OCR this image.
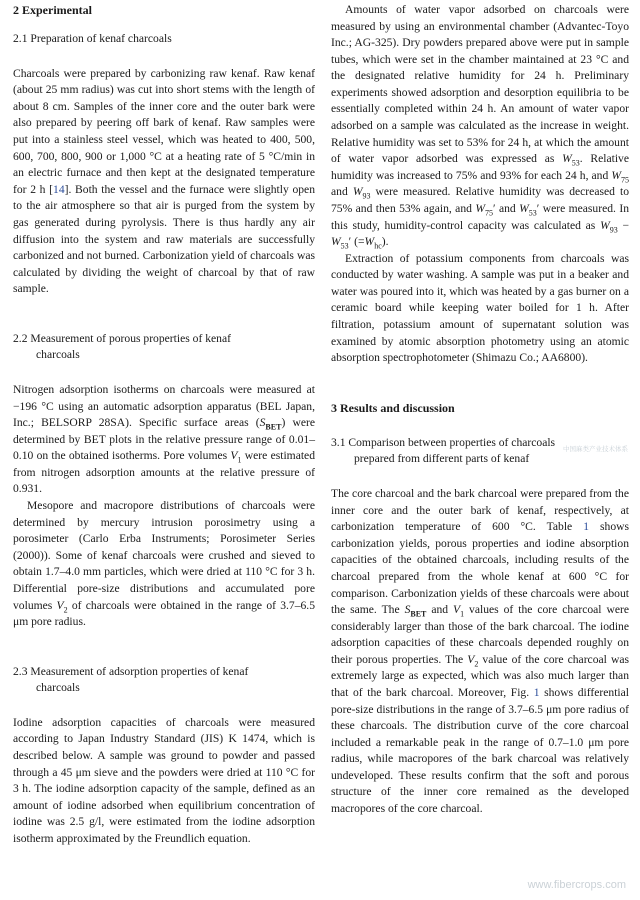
2 Experimental
2.1 Preparation of kenaf charcoals

Charcoals were prepared by carbonizing raw kenaf. Raw kenaf (about 25 mm radius) was cut into short stems with the length of about 8 cm. Samples of the inner core and the outer bark were also prepared by peering off bark of kenaf. Raw samples were put into a stainless steel vessel, which was heated to 400, 500, 600, 700, 800, 900 or 1,000 °C at a heating rate of 5 °C/min in an electric furnace and then kept at the designated temperature for 2 h [14]. Both the vessel and the furnace were slightly open to the air atmosphere so that air is purged from the system by gas generated during pyrolysis. There is thus hardly any air diffusion into the system and raw materials are successfully carbonized and not burned. Carbonization yield of charcoals was calculated by dividing the weight of charcoal by that of raw sample.

2.2 Measurement of porous properties of kenaf
charcoals

Nitrogen adsorption isotherms on charcoals were measured at −196 °C using an automatic adsorption apparatus (BEL Japan, Inc.; BELSORP 28SA). Specific surface areas $(S_{BET})$ were determined by BET plots in the relative pressure range of 0.01–0.10 on the obtained isotherms. Pore volumes $V_1$ were estimated from nitrogen adsorption amounts at the relative pressure of 0.931.

Mesopore and macropore distributions of charcoals were determined by mercury intrusion porosimetry using a porosimeter (Carlo Erba Instruments; Porosimeter Series (2000)). Some of kenaf charcoals were crushed and sieved to obtain 1.7–4.0 mm particles, which were dried at 110 °C for 3 h. Differential pore-size distributions and accumulated pore volumes $V_2$ of charcoals were obtained in the range of 3.7–6.5 μm pore radius.

2.3 Measurement of adsorption properties of kenaf
charcoals

Iodine adsorption capacities of charcoals were measured according to Japan Industry Standard (JIS) K 1474, which is described below. A sample was ground to powder and passed through a 45 μm sieve and the powders were dried at 110 °C for 3 h. The iodine adsorption capacity of the sample, defined as an amount of iodine adsorbed when equilibrium concentration of iodine was 2.5 g/l, were estimated from the iodine adsorption isotherm approximated by the Freundlich equation.

Amounts of water vapor adsorbed on charcoals were measured by using an environmental chamber (Advantec-Toyo Inc.; AG-325). Dry powders prepared above were put in sample tubes, which were set in the chamber maintained at 23 °C and the designated relative humidity for 24 h. Preliminary experiments showed adsorption and desorption equilibria to be essentially completed within 24 h. An amount of water vapor adsorbed on a sample was calculated as the increase in weight. Relative humidity was set to 53% for 24 h, at which the amount of water vapor adsorbed was expressed as $W_{53}$. Relative humidity was increased to 75% and 93% for each 24 h, and $W_{75}$ and $W_{93}$ were measured. Relative humidity was decreased to 75% and then 53% again, and $W_{75}'$ and $W_{53}'$ were measured. In this study, humidity-control capacity was calculated as $W_{93} - W_{53}'$ $(=W_{hc})$.

Extraction of potassium components from charcoals was conducted by water washing. A sample was put in a beaker and water was poured into it, which was heated by a gas burner on a ceramic board while keeping water boiled for 1 h. After filtration, potassium amount of supernatant solution was examined by atomic absorption photometry using an atomic absorption spectrophotometer (Shimazu Co.; AA6800).

3 Results and discussion
3.1 Comparison between properties of charcoals
prepared from different parts of kenaf

The core charcoal and the bark charcoal were prepared from the inner core and the outer bark of kenaf, respectively, at carbonization temperature of 600 °C. Table 1 shows carbonization yields, porous properties and iodine absorption capacities of the obtained charcoals, including results of the charcoal prepared from the whole kenaf at 600 °C for comparison. Carbonization yields of these charcoals were about the same. The $S_{BET}$ and $V_1$ values of the core charcoal were considerably larger than those of the bark charcoal. The iodine adsorption capacities of these charcoals depended roughly on their porous properties. The $V_2$ value of the core charcoal was extremely large as expected, which was also much larger than that of the bark charcoal. Moreover, Fig. 1 shows differential pore-size distributions in the range of 3.7–6.5 μm pore radius of these charcoals. The distribution curve of the core charcoal included a remarkable peak in the range of 0.7–1.0 μm pore radius, while macropores of the bark charcoal was relatively undeveloped. These results confirm that the soft and porous structure of the inner core remained as the developed macropores of the core charcoal.

中国麻类产业技术体系
www.fibercrops.com
